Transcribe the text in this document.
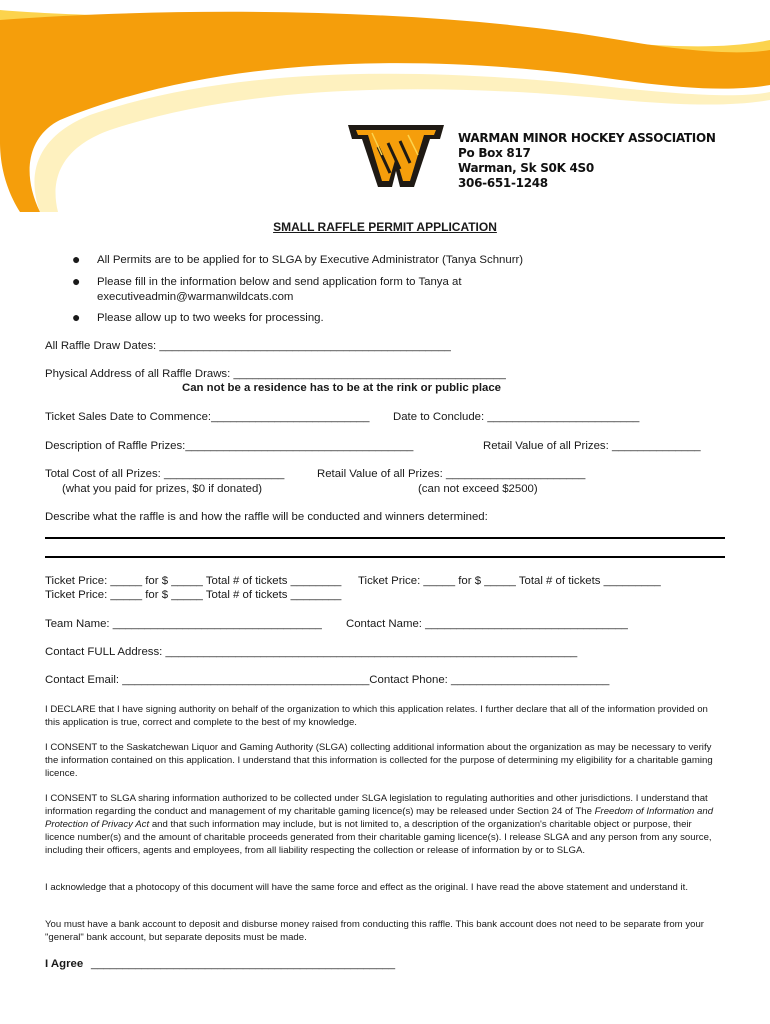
WARMAN MINOR HOCKEY ASSOCIATION
Po Box 817
Warman, Sk S0K 4S0
306-651-1248
SMALL RAFFLE PERMIT APPLICATION
● All Permits are to be applied for to SLGA by Executive Administrator (Tanya Schnurr)
● Please fill in the information below and send application form to Tanya at
executiveadmin@warmanwildcats.com
● Please allow up to two weeks for processing.
All Raffle Draw Dates: ______________________________________________
Physical Address of all Raffle Draws: ___________________________________________
Can not be a residence has to be at the rink or public place
Ticket Sales Date to Commence:_________________________ Date to Conclude: ________________________
Description of Raffle Prizes:____________________________________	Retail Value of all Prizes: ______________
Total Cost of all Prizes: ___________________
(what you paid for prizes, $0 if donated)
Retail Value of all Prizes: ______________________
(can not exceed $2500)
Describe what the raffle is and how the raffle will be conducted and winners determined:
Ticket Price: _____ for $ _____ Total # of tickets ________ Ticket Price: _____ for $ _____ Total # of tickets _________
Ticket Price: _____ for $ _____ Total # of tickets ________
Team Name: _________________________________ Contact Name: ________________________________
Contact FULL Address: _________________________________________________________________
Contact Email: _______________________________________Contact Phone: _________________________
I DECLARE that I have signing authority on behalf of the organization to which this application relates. I further declare that all of the information provided on this application is true, correct and complete to the best of my knowledge.
I CONSENT to the Saskatchewan Liquor and Gaming Authority (SLGA) collecting additional information about the organization as may be necessary to verify the information contained on this application. I understand that this information is collected for the purpose of determining my eligibility for a charitable gaming licence.
I CONSENT to SLGA sharing information authorized to be collected under SLGA legislation to regulating authorities and other jurisdictions. I understand that information regarding the conduct and management of my charitable gaming licence(s) may be released under Section 24 of The Freedom of Information and Protection of Privacy Act and that such information may include, but is not limited to, a description of the organization's charitable object or purpose, their licence number(s) and the amount of charitable proceeds generated from their charitable gaming licence(s). I release SLGA and any person from any source, including their officers, agents and employees, from all liability respecting the collection or release of information by or to SLGA.
I acknowledge that a photocopy of this document will have the same force and effect as the original. I have read the above statement and understand it.
You must have a bank account to deposit and disburse money raised from conducting this raffle. This bank account does not need to be separate from your "general" bank account, but separate deposits must be made.
I Agree ________________________________________________
